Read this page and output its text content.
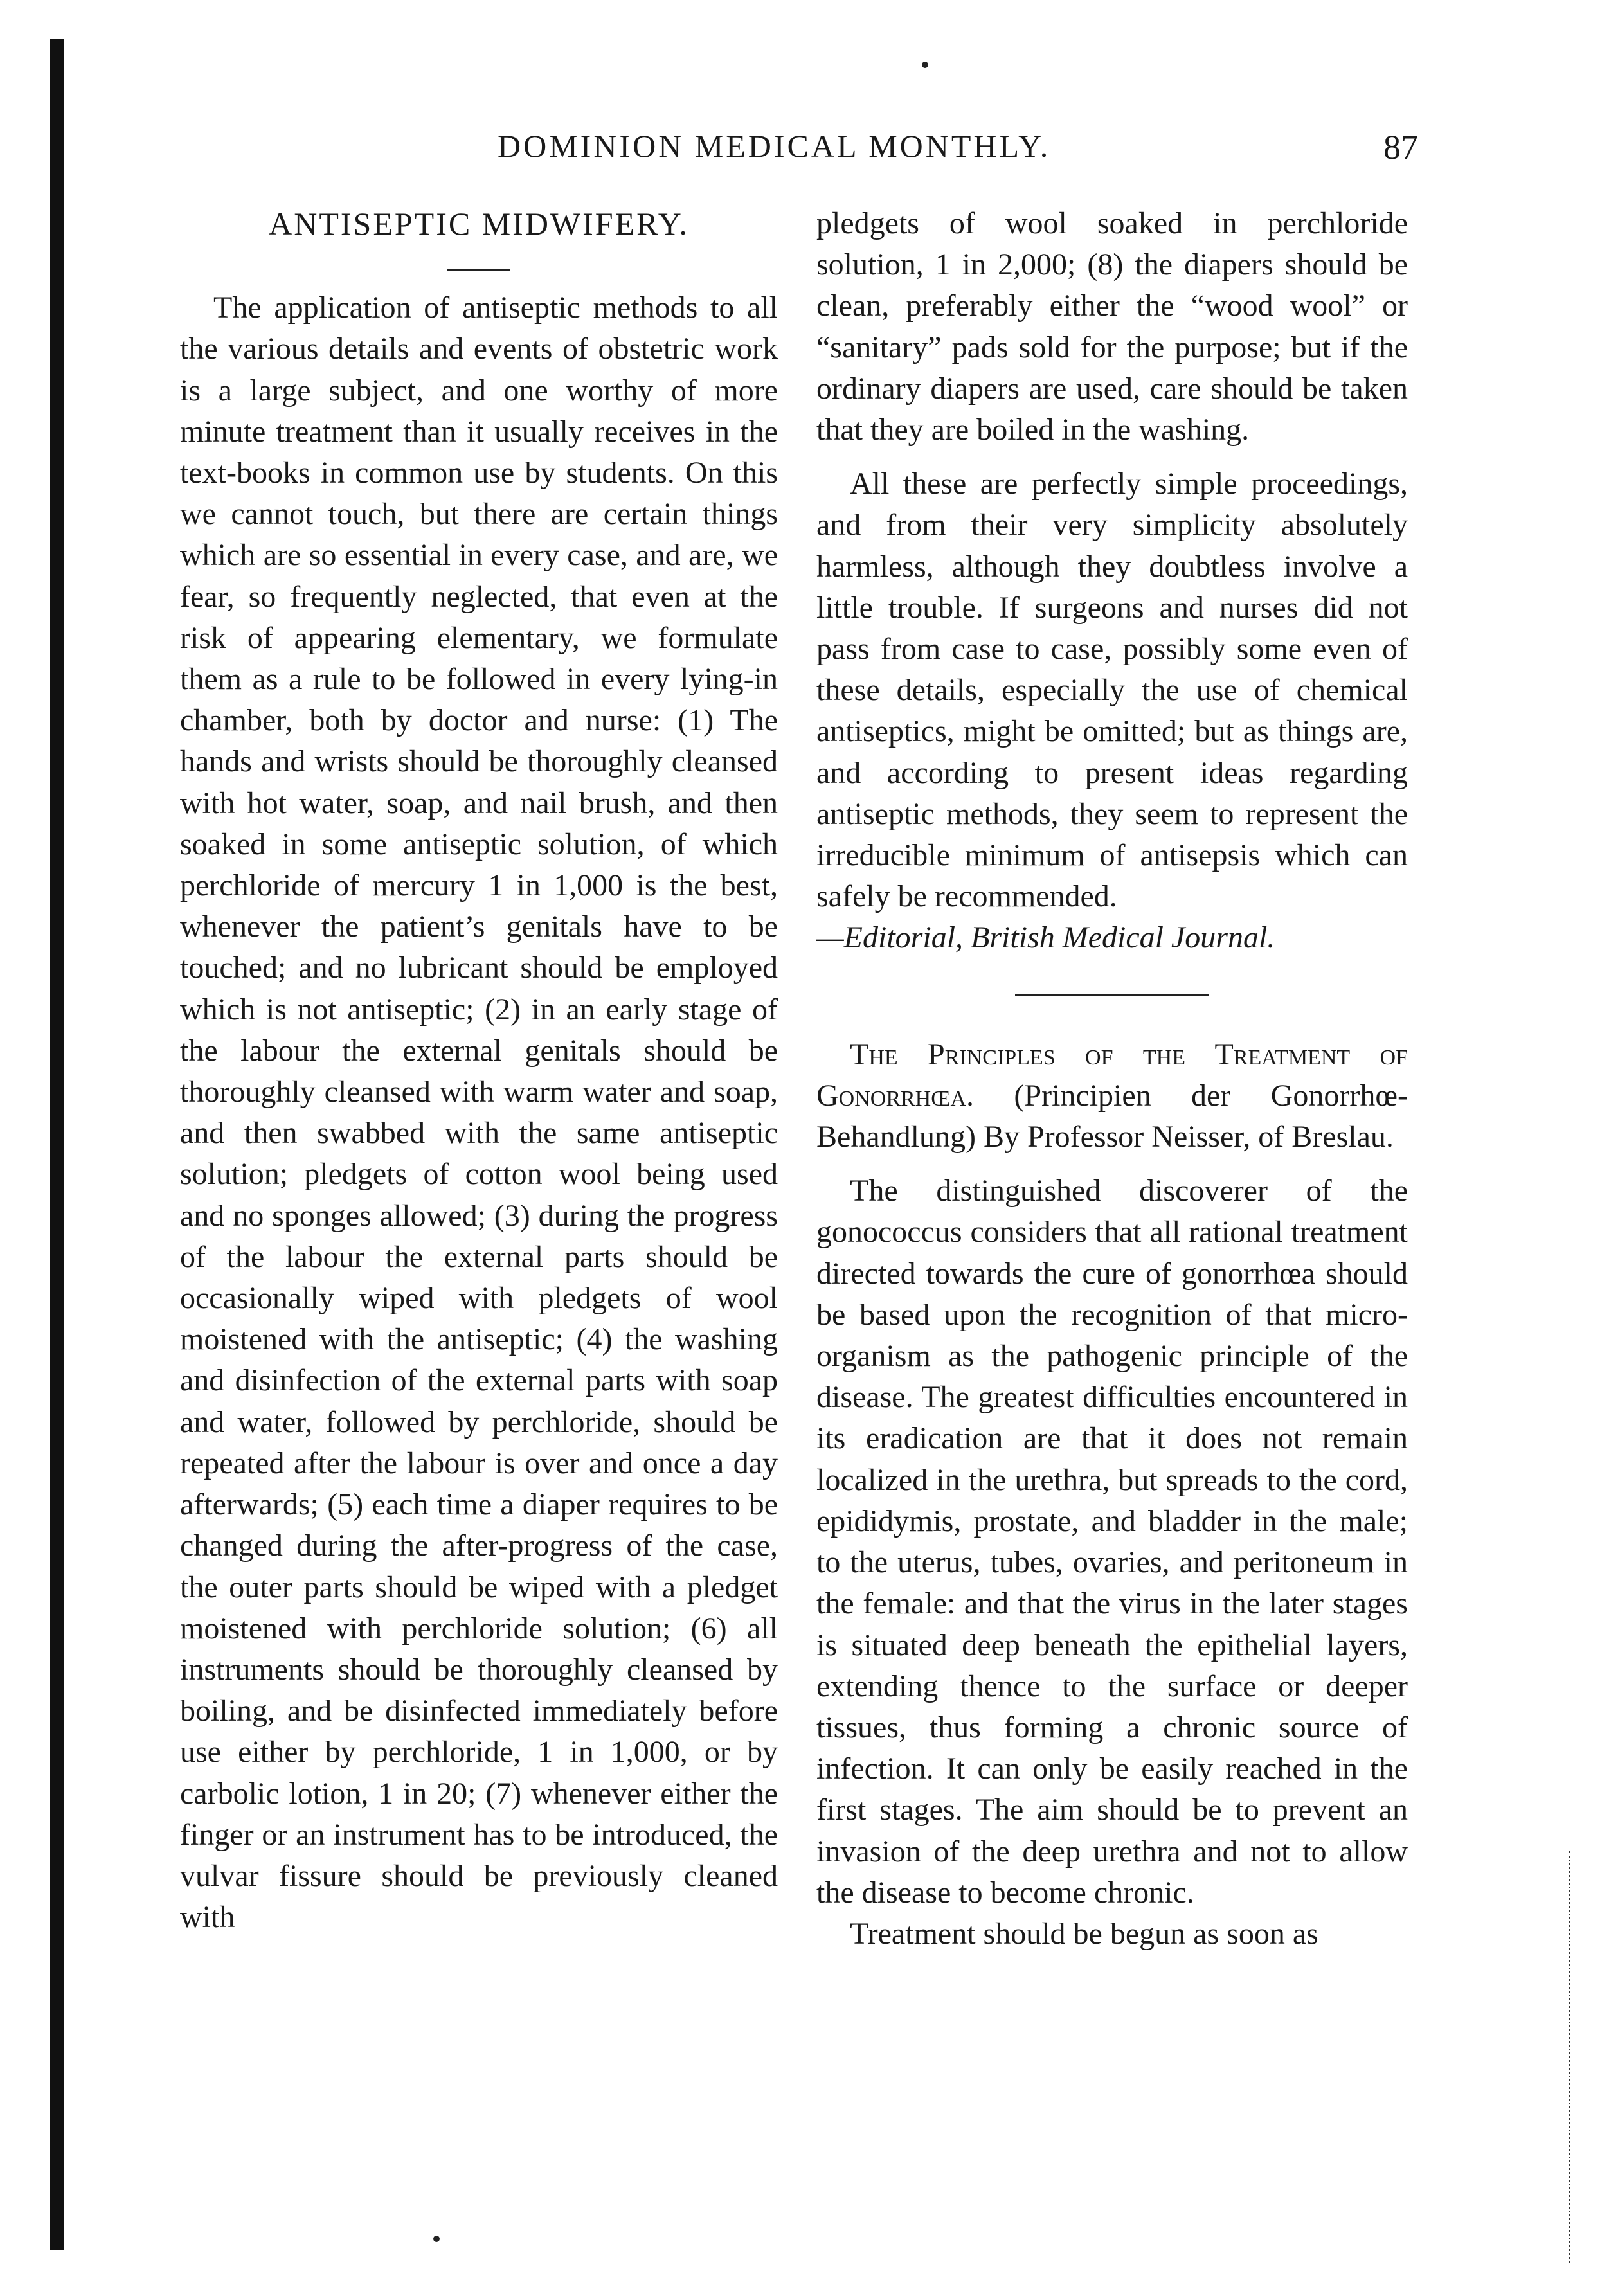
DOMINION MEDICAL MONTHLY.	87

ANTISEPTIC MIDWIFERY.

The application of antiseptic methods to all the various details and events of obstetric work is a large subject, and one worthy of more minute treatment than it usually receives in the text-books in common use by students. On this we cannot touch, but there are certain things which are so essential in every case, and are, we fear, so frequently neglected, that even at the risk of appearing elementary, we formulate them as a rule to be followed in every lying-in chamber, both by doctor and nurse: (1) The hands and wrists should be thoroughly cleansed with hot water, soap, and nail brush, and then soaked in some antiseptic solution, of which perchloride of mercury 1 in 1,000 is the best, whenever the patient’s genitals have to be touched; and no lubricant should be employed which is not antiseptic; (2) in an early stage of the labour the external genitals should be thoroughly cleansed with warm water and soap, and then swabbed with the same antiseptic solution; pledgets of cotton wool being used and no sponges allowed; (3) during the progress of the labour the external parts should be occasionally wiped with pledgets of wool moistened with the antiseptic; (4) the washing and disinfection of the external parts with soap and water, followed by perchloride, should be repeated after the labour is over and once a day afterwards; (5) each time a diaper requires to be changed during the after-progress of the case, the outer parts should be wiped with a pledget moistened with perchloride solution; (6) all instruments should be thoroughly cleansed by boiling, and be disinfected immediately before use either by perchloride, 1 in 1,000, or by carbolic lotion, 1 in 20; (7) whenever either the finger or an instrument has to be introduced, the vulvar fissure should be previously cleaned with

pledgets of wool soaked in perchloride solution, 1 in 2,000; (8) the diapers should be clean, preferably either the “wood wool” or “sanitary” pads sold for the purpose; but if the ordinary diapers are used, care should be taken that they are boiled in the washing.

All these are perfectly simple proceedings, and from their very simplicity absolutely harmless, although they doubtless involve a little trouble. If surgeons and nurses did not pass from case to case, possibly some even of these details, especially the use of chemical antiseptics, might be omitted; but as things are, and according to present ideas regarding antiseptic methods, they seem to represent the irreducible minimum of antisepsis which can safely be recommended.

—Editorial, British Medical Journal.

The Principles of the Treatment of Gonorrhœa. (Principien der Gonorrhœ-Behandlung) By Professor Neisser, of Breslau.

The distinguished discoverer of the gonococcus considers that all rational treatment directed towards the cure of gonorrhœa should be based upon the recognition of that micro-organism as the pathogenic principle of the disease. The greatest difficulties encountered in its eradication are that it does not remain localized in the urethra, but spreads to the cord, epididymis, prostate, and bladder in the male; to the uterus, tubes, ovaries, and peritoneum in the female: and that the virus in the later stages is situated deep beneath the epithelial layers, extending thence to the surface or deeper tissues, thus forming a chronic source of infection. It can only be easily reached in the first stages. The aim should be to prevent an invasion of the deep urethra and not to allow the disease to become chronic.

Treatment should be begun as soon as
